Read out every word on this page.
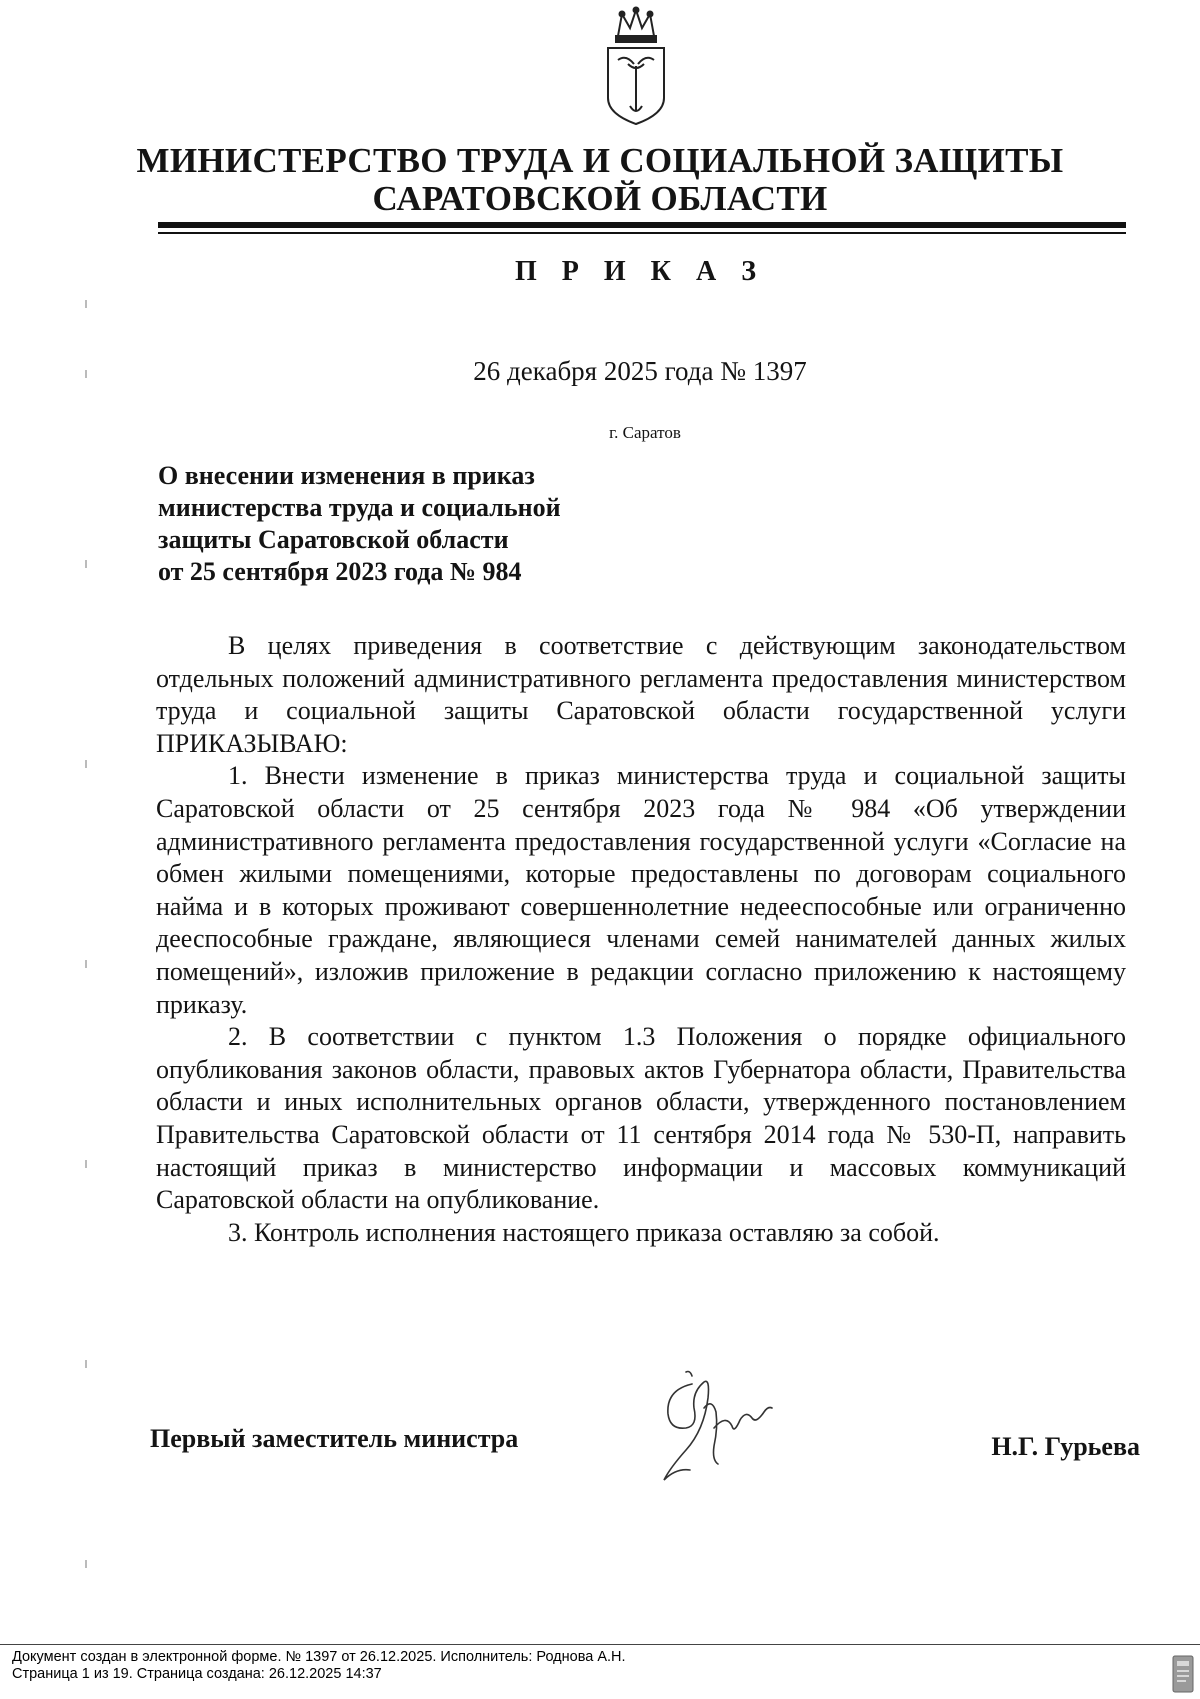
МИНИСТЕРСТВО ТРУДА И СОЦИАЛЬНОЙ ЗАЩИТЫ
САРАТОВСКОЙ ОБЛАСТИ
П Р И К А З
26 декабря 2025 года № 1397
г. Саратов
О внесении изменения в приказ
министерства труда и социальной
защиты Саратовской области
от 25 сентября 2023 года № 984

В целях приведения в соответствие с действующим законодательством отдельных положений административного регламента предоставления министерством труда и социальной защиты Саратовской области государственной услуги ПРИКАЗЫВАЮ:

1. Внести изменение в приказ министерства труда и социальной защиты Саратовской области от 25 сентября 2023 года № 984 «Об утверждении административного регламента предоставления государственной услуги «Согласие на обмен жилыми помещениями, которые предоставлены по договорам социального найма и в которых проживают совершеннолетние недееспособные или ограниченно дееспособные граждане, являющиеся членами семей нанимателей данных жилых помещений», изложив приложение в редакции согласно приложению к настоящему приказу.

2. В соответствии с пунктом 1.3 Положения о порядке официального опубликования законов области, правовых актов Губернатора области, Правительства области и иных исполнительных органов области, утвержденного постановлением Правительства Саратовской области от 11 сентября 2014 года № 530-П, направить настоящий приказ в министерство информации и массовых коммуникаций Саратовской области на опубликование.

3. Контроль исполнения настоящего приказа оставляю за собой.

Первый заместитель министра	Н.Г. Гурьева
Документ создан в электронной форме. № 1397 от 26.12.2025. Исполнитель: Роднова А.Н.
Страница 1 из 19. Страница создана: 26.12.2025 14:37
